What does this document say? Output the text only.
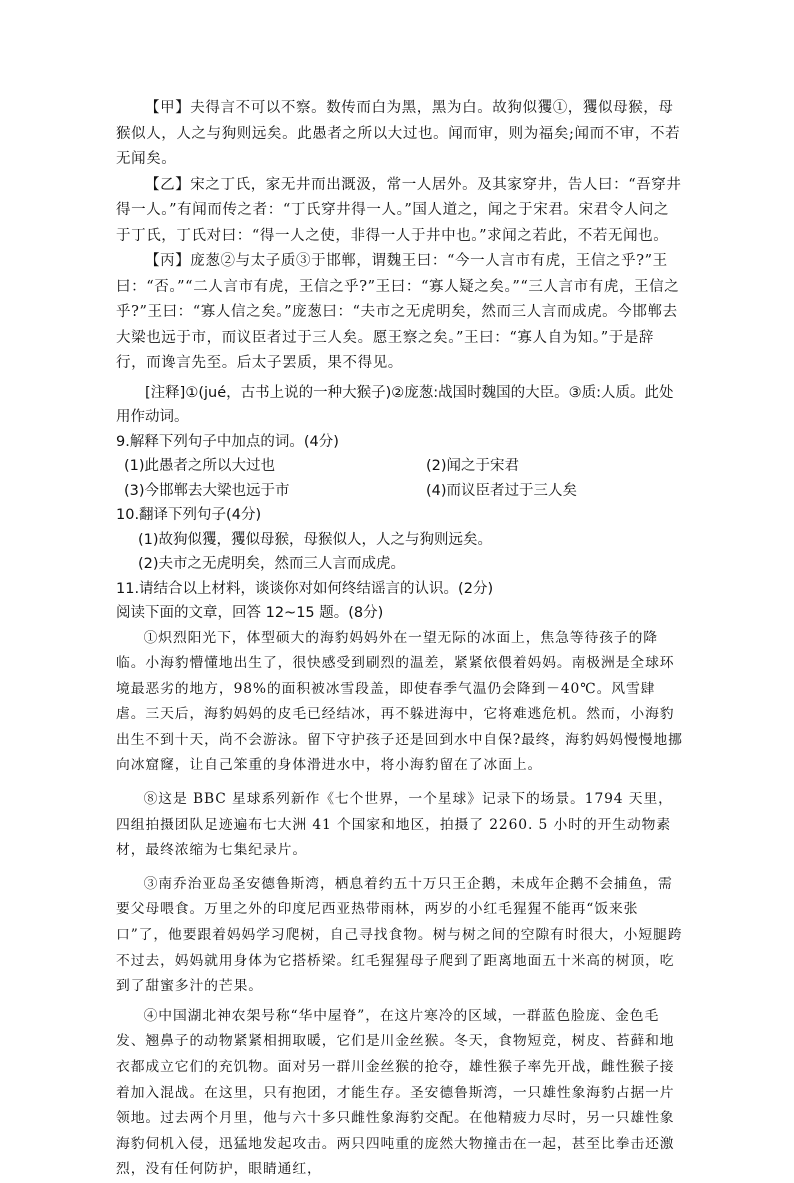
【甲】夫得言不可以不察。数传而白为黑，黑为白。故狗似玃①，玃似母猴，母猴似人，人之与狗则远矣。此愚者之所以大过也。闻而审，则为福矣;闻而不审，不若无闻矣。

【乙】宋之丁氏，家无井而出溉汲，常一人居外。及其家穿井，告人曰：“吾穿井得一人。”有闻而传之者：“丁氏穿井得一人。”国人道之，闻之于宋君。宋君令人问之于丁氏，丁氏对曰：“得一人之使，非得一人于井中也。”求闻之若此，不若无闻也。

【丙】庞葱②与太子质③于邯郸，谓魏王曰：“今一人言市有虎，王信之乎?”王曰：“否。”“二人言市有虎，王信之乎?”王曰：“寡人疑之矣。”“三人言市有虎，王信之乎?”王曰：“寡人信之矣。”庞葱曰：“夫市之无虎明矣，然而三人言而成虎。今邯郸去大梁也远于市，而议臣者过于三人矣。愿王察之矣。”王曰：“寡人自为知。”于是辞行，而谗言先至。后太子罢质，果不得见。

[注释]①(jué，古书上说的一种大猴子)②庞葱:战国时魏国的大臣。③质:人质。此处用作动词。

9.解释下列句子中加点的词。(4分)

(1)此愚者之所以大过也	(2)闻之于宋君
(3)今邯郸去大梁也远于市	(4)而议臣者过于三人矣

10.翻译下列句子(4分)

(1)故狗似玃，玃似母猴，母猴似人，人之与狗则远矣。

(2)夫市之无虎明矣，然而三人言而成虎。

11.请结合以上材料，谈谈你对如何终结谣言的认识。(2分)

阅读下面的文章，回答 12~15 题。(8分)

①炽烈阳光下，体型硕大的海豹妈妈外在一望无际的冰面上，焦急等待孩子的降临。小海豹懵懂地出生了，很快感受到刷烈的温差，紧紧依偎着妈妈。南极洲是全球环境最恶劣的地方，98%的面积被冰雪段盖，即使春季气温仍会降到－40℃。风雪肆虐。三天后，海豹妈妈的皮毛已经结冰，再不躲进海中，它将难逃危机。然而，小海豹出生不到十天，尚不会游泳。留下守护孩子还是回到水中自保?最终，海豹妈妈慢慢地挪向冰窟窿，让自己笨重的身体滑进水中，将小海豹留在了冰面上。

⑧这是 BBC 星球系列新作《七个世界，一个星球》记录下的场景。1794 天里，四组拍摄团队足迹遍布七大洲 41 个国家和地区，拍摄了 2260. 5 小时的开生动物素材，最终浓缩为七集纪录片。

③南乔治亚岛圣安德鲁斯湾，栖息着约五十万只王企鹅，未成年企鹅不会捕鱼，需要父母喂食。万里之外的印度尼西亚热带雨林，两岁的小红毛猩猩不能再“饭来张口”了，他要跟着妈妈学习爬树，自己寻找食物。树与树之间的空隙有时很大，小短腿跨不过去，妈妈就用身体为它搭桥梁。红毛猩猩母子爬到了距离地面五十米高的树顶，吃到了甜蜜多汁的芒果。

④中国湖北神农架号称“华中屋脊”，在这片寒冷的区域，一群蓝色脸庞、金色毛发、翘鼻子的动物紧紧相拥取暖，它们是川金丝猴。冬天，食物短竞，树皮、苔藓和地衣都成立它们的充饥物。面对另一群川金丝猴的抢夺，雄性猴子率先开战，雌性猴子接着加入混战。在这里，只有抱团，才能生存。圣安德鲁斯湾，一只雄性象海豹占据一片领地。过去两个月里，他与六十多只雌性象海豹交配。在他精疲力尽时，另一只雄性象海豹伺机入侵，迅猛地发起攻击。两只四吨重的庞然大物撞击在一起，甚至比拳击还激烈，没有任何防护，眼睛通红，
